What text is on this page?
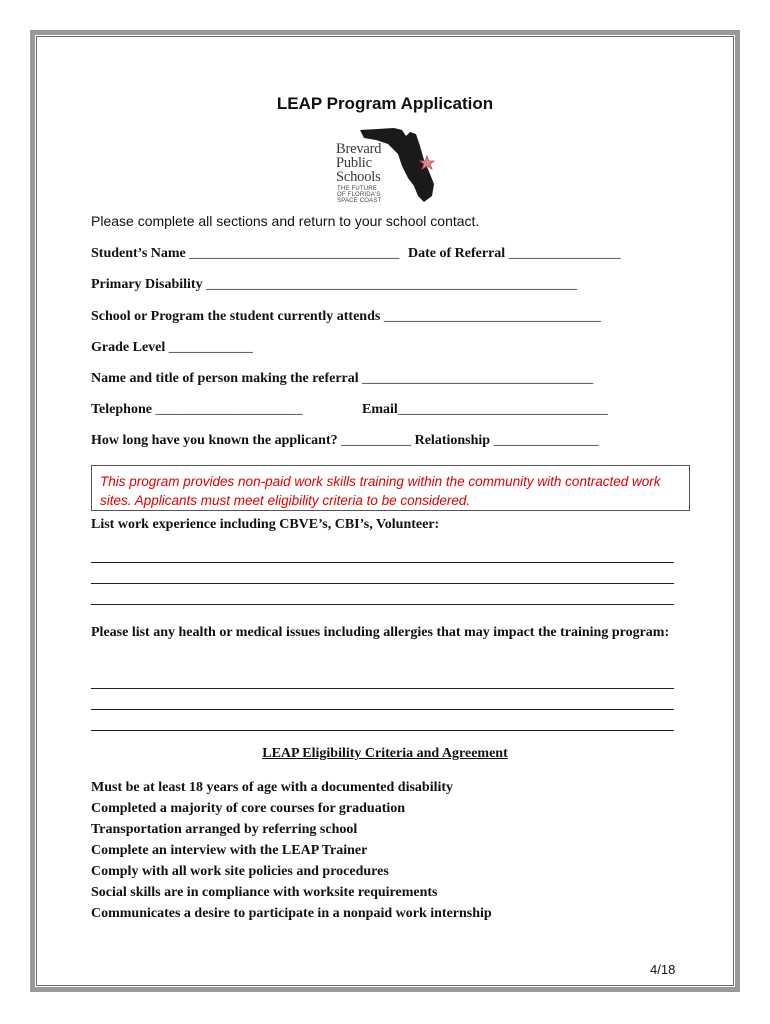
LEAP Program Application
Brevard
Public
Schools
THE FUTURE
OF FLORIDA'S
SPACE COAST
Please complete all sections and return to your school contact.
Student’s Name ______________________________ Date of Referral ________________
Primary Disability _____________________________________________________
School or Program the student currently attends _______________________________
Grade Level ____________
Name and title of person making the referral _________________________________
Telephone _____________________	Email______________________________
How long have you known the applicant? __________ Relationship _______________
This program provides non-paid work skills training within the community with contracted work sites. Applicants must meet eligibility criteria to be considered.
List work experience including CBVE’s, CBI’s, Volunteer:
Please list any health or medical issues including allergies that may impact the training program:
LEAP Eligibility Criteria and Agreement
Must be at least 18 years of age with a documented disability
Completed a majority of core courses for graduation
Transportation arranged by referring school
Complete an interview with the LEAP Trainer
Comply with all work site policies and procedures
Social skills are in compliance with worksite requirements
Communicates a desire to participate in a nonpaid work internship
4/18
